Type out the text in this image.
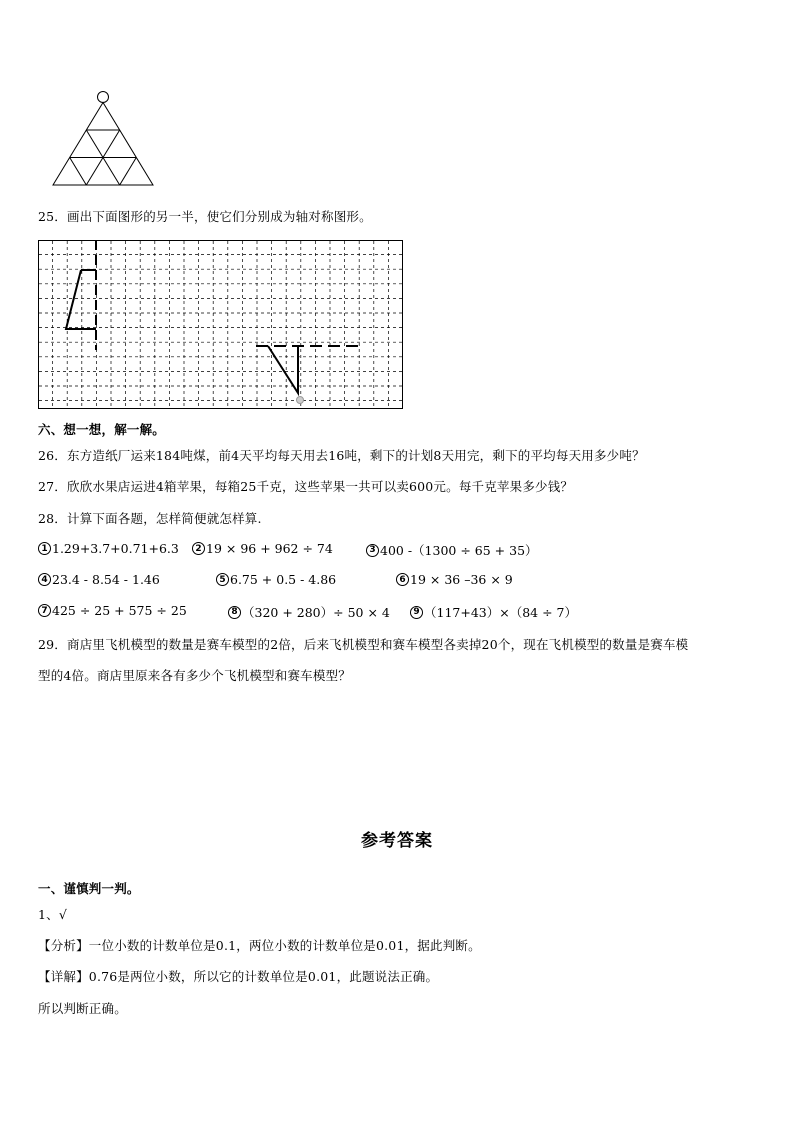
25．画出下面图形的另一半，使它们分别成为轴对称图形。
六、想一想，解一解。
26．东方造纸厂运来184吨煤，前4天平均每天用去16吨，剩下的计划8天用完，剩下的平均每天用多少吨？
27．欣欣水果店运进4箱苹果，每箱25千克，这些苹果一共可以卖600元。每千克苹果多少钱？
28．计算下面各题，怎样简便就怎样算.
1 1.29+3.7+0.71+6.3	2 19 × 96 + 962 ÷ 74	3 400 -（1300 ÷ 65 + 35）
4 23.4 - 8.54 - 1.46	5 6.75 + 0.5 - 4.86	6 19 × 36 –36 × 9
7 425 ÷ 25 + 575 ÷ 25	8 （320 + 280）÷ 50 × 4	9 （117+43）×（84 ÷ 7）
29．商店里飞机模型的数量是赛车模型的2倍，后来飞机模型和赛车模型各卖掉20个，现在飞机模型的数量是赛车模
型的4倍。商店里原来各有多少个飞机模型和赛车模型？
参考答案
一、谨慎判一判。
1、√
【分析】一位小数的计数单位是0.1，两位小数的计数单位是0.01，据此判断。
【详解】0.76是两位小数，所以它的计数单位是0.01，此题说法正确。
所以判断正确。
